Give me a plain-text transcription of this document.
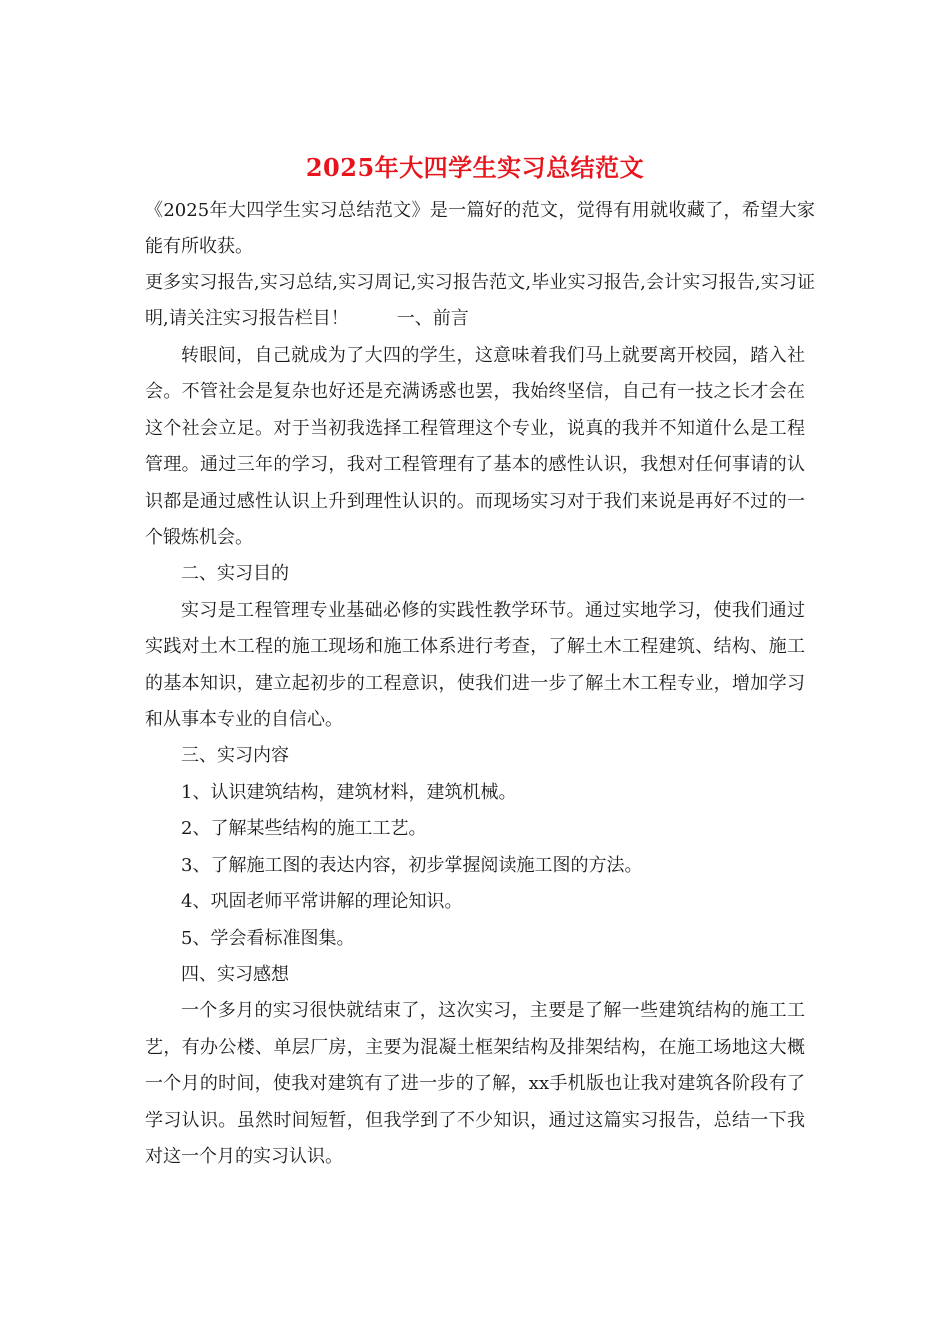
2025年大四学生实习总结范文

《2025年大四学生实习总结范文》是一篇好的范文，觉得有用就收藏了，希望大家能有所收获。

更多实习报告,实习总结,实习周记,实习报告范文,毕业实习报告,会计实习报告,实习证明,请关注实习报告栏目！	一、前言

转眼间，自己就成为了大四的学生，这意味着我们马上就要离开校园，踏入社会。不管社会是复杂也好还是充满诱惑也罢，我始终坚信，自己有一技之长才会在这个社会立足。对于当初我选择工程管理这个专业，说真的我并不知道什么是工程管理。通过三年的学习，我对工程管理有了基本的感性认识，我想对任何事请的认识都是通过感性认识上升到理性认识的。而现场实习对于我们来说是再好不过的一个锻炼机会。

二、实习目的

实习是工程管理专业基础必修的实践性教学环节。通过实地学习，使我们通过实践对土木工程的施工现场和施工体系进行考查，了解土木工程建筑、结构、施工的基本知识，建立起初步的工程意识，使我们进一步了解土木工程专业，增加学习和从事本专业的自信心。

三、实习内容

1、认识建筑结构，建筑材料，建筑机械。

2、了解某些结构的施工工艺。

3、了解施工图的表达内容，初步掌握阅读施工图的方法。

4、巩固老师平常讲解的理论知识。

5、学会看标准图集。

四、实习感想

一个多月的实习很快就结束了，这次实习，主要是了解一些建筑结构的施工工艺，有办公楼、单层厂房，主要为混凝土框架结构及排架结构，在施工场地这大概一个月的时间，使我对建筑有了进一步的了解，xx手机版也让我对建筑各阶段有了学习认识。虽然时间短暂，但我学到了不少知识，通过这篇实习报告，总结一下我对这一个月的实习认识。
